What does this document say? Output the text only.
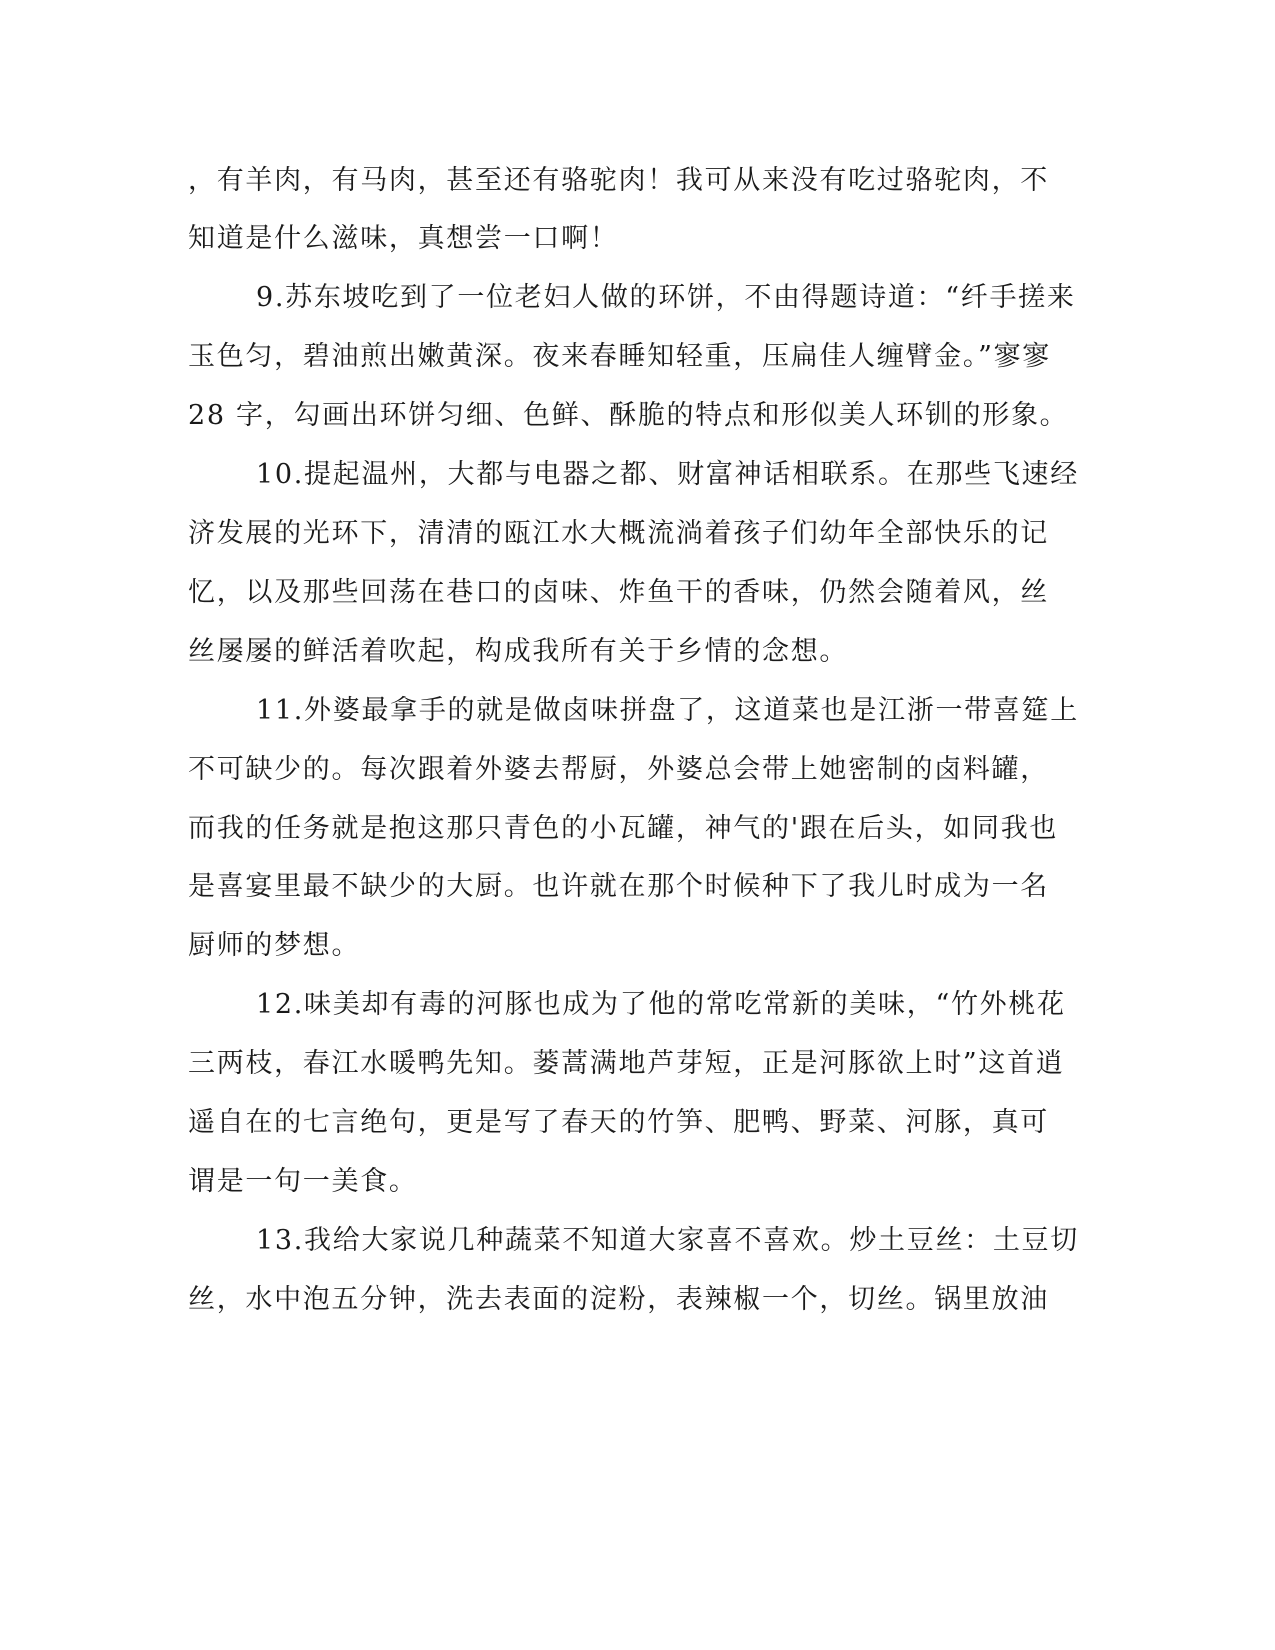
，有羊肉，有马肉，甚至还有骆驼肉！我可从来没有吃过骆驼肉，不
知道是什么滋味，真想尝一口啊！
9.苏东坡吃到了一位老妇人做的环饼，不由得题诗道：“纤手搓来
玉色匀，碧油煎出嫩黄深。夜来春睡知轻重，压扁佳人缠臂金。”寥寥
28 字，勾画出环饼匀细、色鲜、酥脆的特点和形似美人环钏的形象。
10.提起温州，大都与电器之都、财富神话相联系。在那些飞速经
济发展的光环下，清清的瓯江水大概流淌着孩子们幼年全部快乐的记
忆，以及那些回荡在巷口的卤味、炸鱼干的香味，仍然会随着风，丝
丝屡屡的鲜活着吹起，构成我所有关于乡情的念想。
11.外婆最拿手的就是做卤味拼盘了，这道菜也是江浙一带喜筵上
不可缺少的。每次跟着外婆去帮厨，外婆总会带上她密制的卤料罐，
而我的任务就是抱这那只青色的小瓦罐，神气的'跟在后头，如同我也
是喜宴里最不缺少的大厨。也许就在那个时候种下了我儿时成为一名
厨师的梦想。
12.味美却有毒的河豚也成为了他的常吃常新的美味，“竹外桃花
三两枝，春江水暖鸭先知。蒌蒿满地芦芽短，正是河豚欲上时”这首逍
遥自在的七言绝句，更是写了春天的竹笋、肥鸭、野菜、河豚，真可
谓是一句一美食。
13.我给大家说几种蔬菜不知道大家喜不喜欢。炒土豆丝：土豆切
丝，水中泡五分钟，洗去表面的淀粉，表辣椒一个，切丝。锅里放油
